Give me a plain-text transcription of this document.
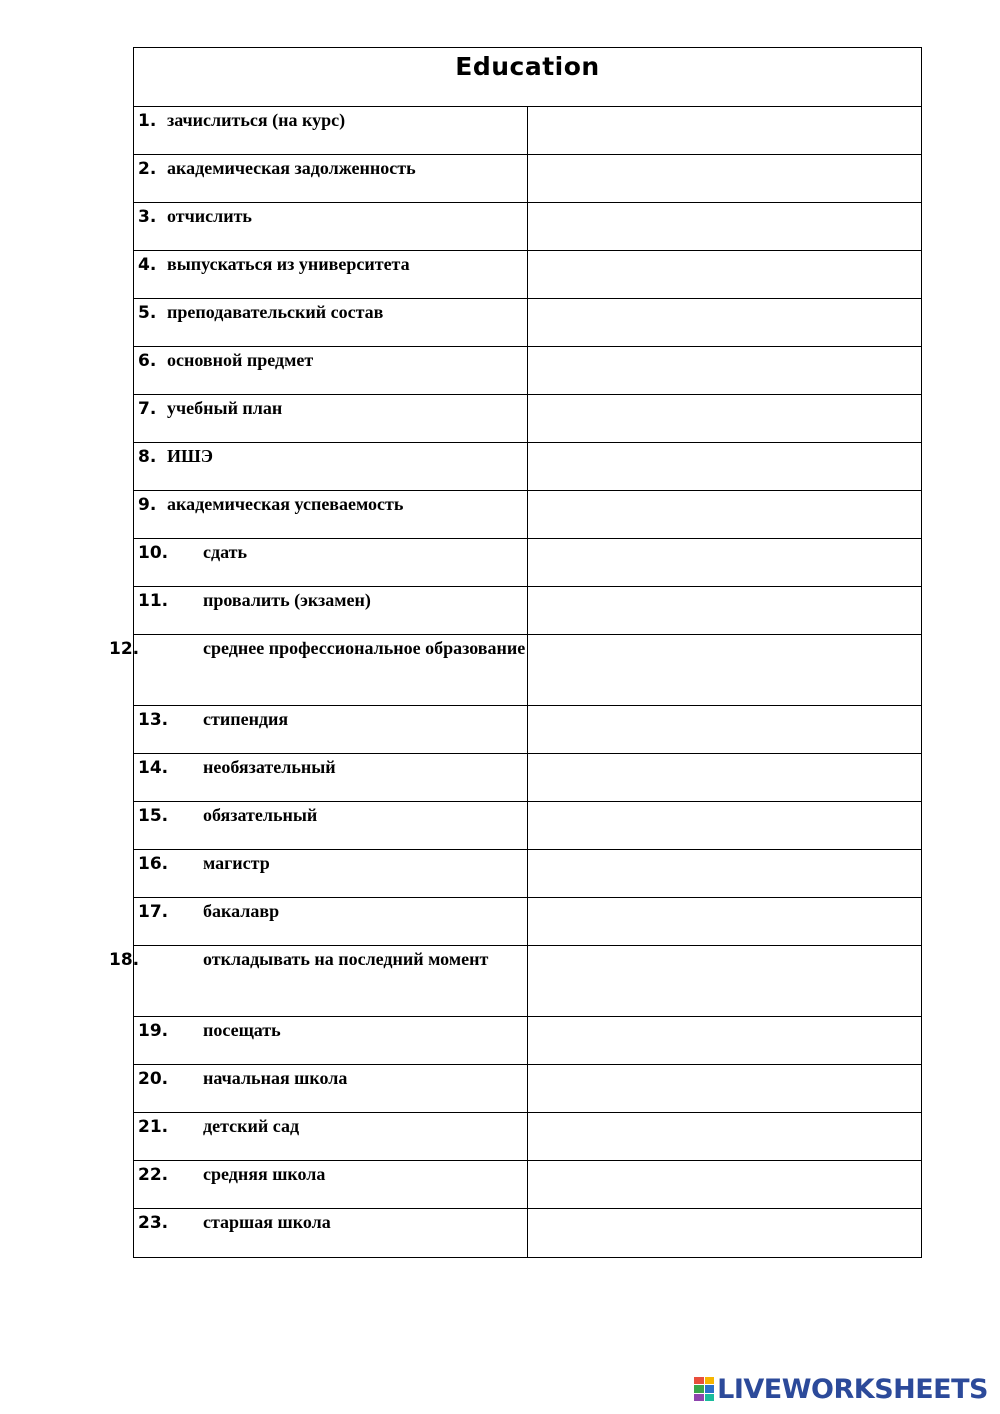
Education
1. зачислиться (на курс)
2. академическая задолженность
3. отчислить
4. выпускаться из университета
5. преподавательский состав
6. основной предмет
7. учебный план
8. ИШЭ
9. академическая успеваемость
10. сдать
11. провалить (экзамен)
12.	среднее профессиональное образование
13. стипендия
14. необязательный
15. обязательный
16. магистр
17. бакалавр
18.	откладывать на последний момент
19. посещать
20. начальная школа
21. детский сад
22. средняя школа
23. старшая школа
LIVEWORKSHEETS
